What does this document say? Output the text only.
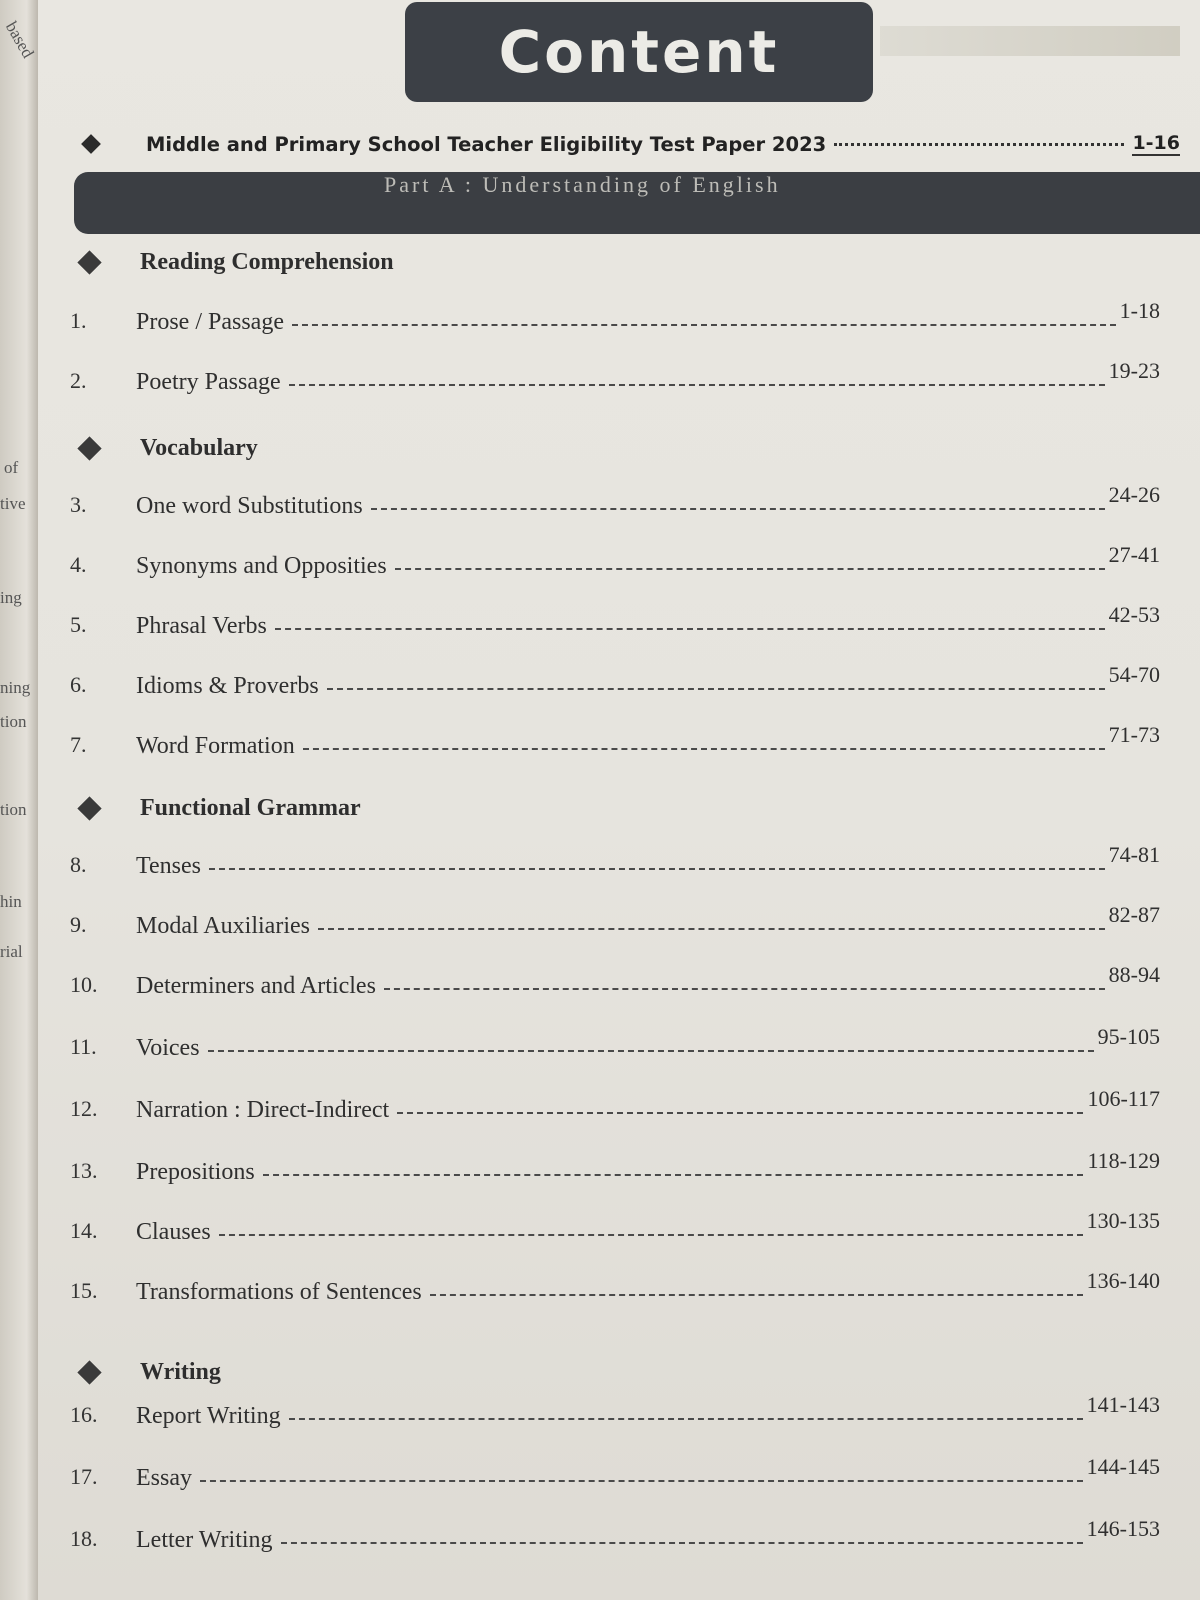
based
of
tive
ing
ning
tion
tion
hin
rial
Content
Middle and Primary School Teacher Eligibility Test Paper 2023	1-16
Part A : Understanding of English
Reading Comprehension
1.	Prose / Passage	1-18
2.	Poetry Passage	19-23
Vocabulary
3.	One word Substitutions	24-26
4.	Synonyms and Opposities	27-41
5.	Phrasal Verbs	42-53
6.	Idioms & Proverbs	54-70
7.	Word Formation	71-73
Functional Grammar
8.	Tenses	74-81
9.	Modal Auxiliaries	82-87
10.	Determiners and Articles	88-94
11.	Voices	95-105
12.	Narration : Direct-Indirect	106-117
13.	Prepositions	118-129
14.	Clauses	130-135
15.	Transformations of Sentences	136-140
Writing
16.	Report Writing	141-143
17.	Essay	144-145
18.	Letter Writing	146-153
